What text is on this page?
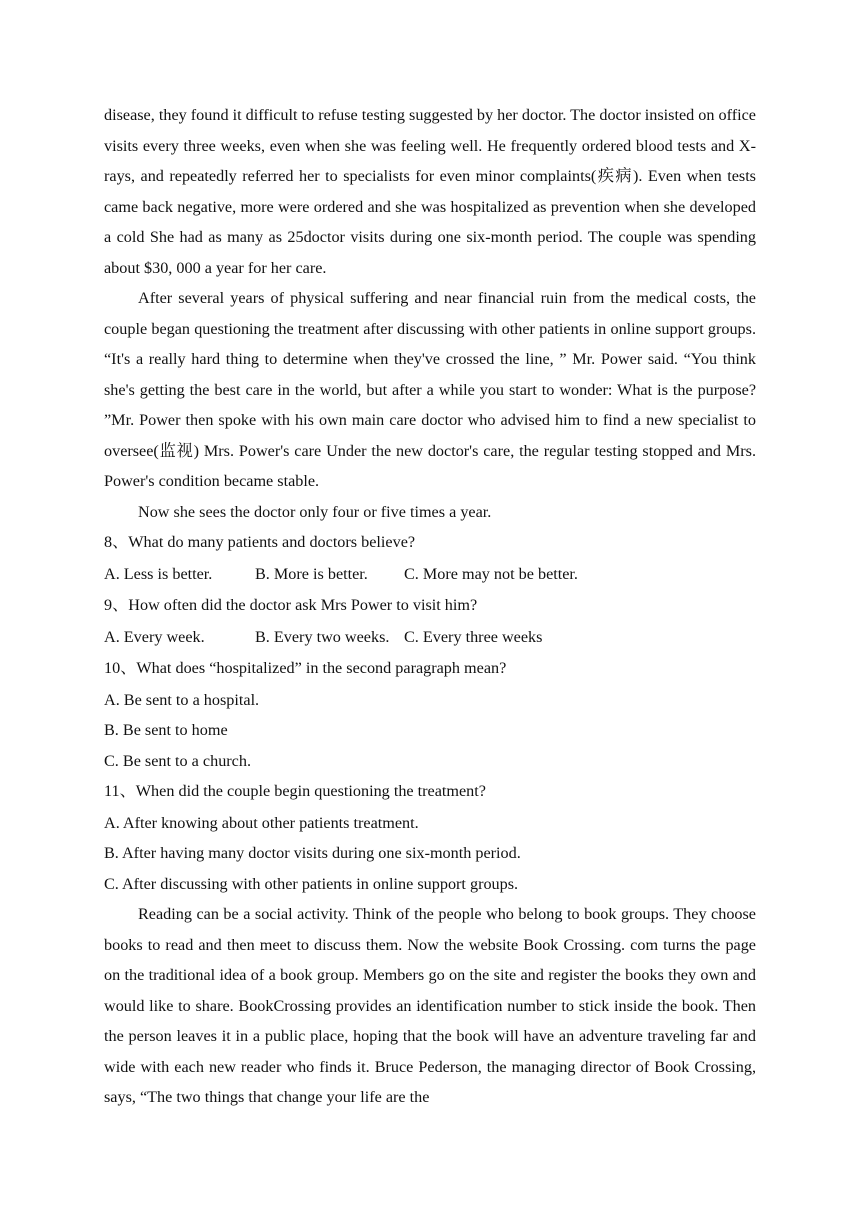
disease, they found it difficult to refuse testing suggested by her doctor. The doctor insisted on office visits every three weeks, even when she was feeling well. He frequently ordered blood tests and X-rays, and repeatedly referred her to specialists for even minor complaints(疾病). Even when tests came back negative, more were ordered and she was hospitalized as prevention when she developed a cold She had as many as 25doctor visits during one six-month period. The couple was spending about $30, 000 a year for her care.

After several years of physical suffering and near financial ruin from the medical costs, the couple began questioning the treatment after discussing with other patients in online support groups. “It's a really hard thing to determine when they've crossed the line, ” Mr. Power said. “You think she's getting the best care in the world, but after a while you start to wonder: What is the purpose? ”Mr. Power then spoke with his own main care doctor who advised him to find a new specialist to oversee(监视) Mrs. Power's care Under the new doctor's care, the regular testing stopped and Mrs. Power's condition became stable.

Now she sees the doctor only four or five times a year.

8、What do many patients and doctors believe?

A. Less is better.	B. More is better.	C. More may not be better.

9、How often did the doctor ask Mrs Power to visit him?

A. Every week.	B. Every two weeks. C. Every three weeks

10、What does “hospitalized” in the second paragraph mean?

A. Be sent to a hospital.

B. Be sent to home

C. Be sent to a church.

11、When did the couple begin questioning the treatment?

A. After knowing about other patients treatment.

B. After having many doctor visits during one six-month period.

C. After discussing with other patients in online support groups.

Reading can be a social activity. Think of the people who belong to book groups. They choose books to read and then meet to discuss them. Now the website Book Crossing. com turns the page on the traditional idea of a book group. Members go on the site and register the books they own and would like to share. BookCrossing provides an identification number to stick inside the book. Then the person leaves it in a public place, hoping that the book will have an adventure traveling far and wide with each new reader who finds it. Bruce Pederson, the managing director of Book Crossing, says, “The two things that change your life are the
